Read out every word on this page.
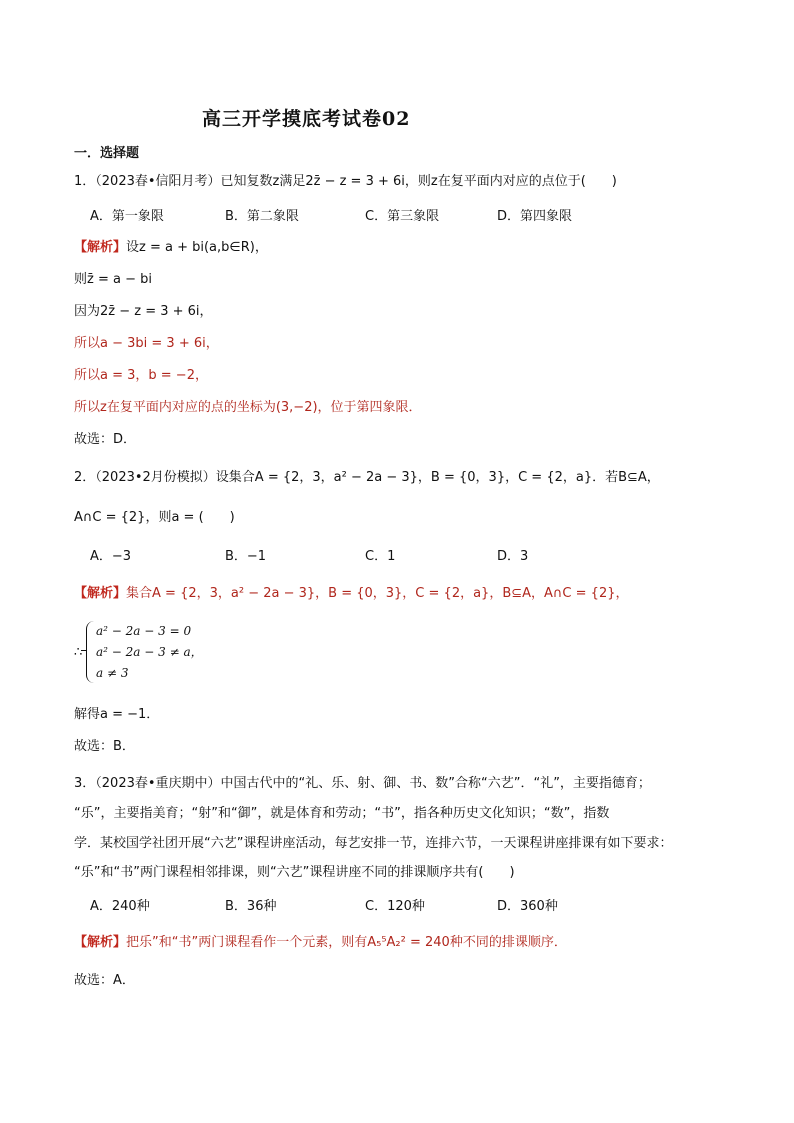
高三开学摸底考试卷02
一．选择题
1．（2023春•信阳月考）已知复数z满足2z̄ − z = 3 + 6i，则z在复平面内对应的点位于(　　)
A．第一象限	B．第二象限	C．第三象限	D．第四象限
【解析】设z = a + bi(a,b∈R)，
则z̄ = a − bi
因为2z̄ − z = 3 + 6i，
所以a − 3bi = 3 + 6i，
所以a = 3，b = −2，
所以z在复平面内对应的点的坐标为(3,−2)，位于第四象限．
故选：D．
2．（2023•2月份模拟）设集合A = {2，3，a² − 2a − 3}，B = {0，3}，C = {2，a}．若B⊆A，
A∩C = {2}，则a = (　　)
A．−3	B．−1	C．1	D．3
【解析】集合A = {2，3，a² − 2a − 3}，B = {0，3}，C = {2，a}，B⊆A，A∩C = {2}，
∴
a² − 2a − 3 = 0
a² − 2a − 3 ≠ a，
a ≠ 3
解得a = −1．
故选：B．
3．（2023春•重庆期中）中国古代中的“礼、乐、射、御、书、数”合称“六艺”．“礼”，主要指德育；
“乐”，主要指美育；“射”和“御”，就是体育和劳动；“书”，指各种历史文化知识；“数”，指数
学．某校国学社团开展“六艺”课程讲座活动，每艺安排一节，连排六节，一天课程讲座排课有如下要求：
“乐”和“书”两门课程相邻排课，则“六艺”课程讲座不同的排课顺序共有(　　)
A．240种	B．36种	C．120种	D．360种
【解析】把乐”和“书”两门课程看作一个元素，则有A₅⁵A₂² = 240种不同的排课顺序．
故选：A．
